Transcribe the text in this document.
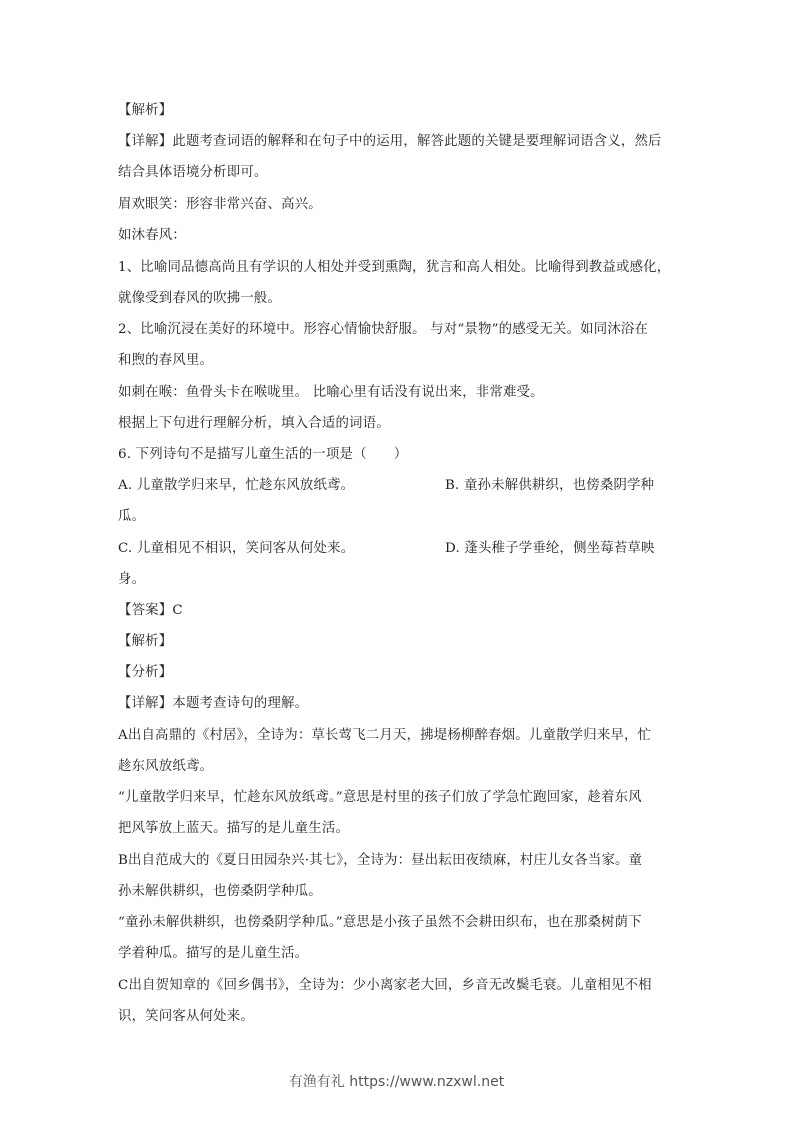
【解析】
【详解】此题考查词语的解释和在句子中的运用，解答此题的关键是要理解词语含义，然后
结合具体语境分析即可。
眉欢眼笑：形容非常兴奋、高兴。
如沐春风：
1、比喻同品德高尚且有学识的人相处并受到熏陶，犹言和高人相处。比喻得到教益或感化，
就像受到春风的吹拂一般。
2、比喻沉浸在美好的环境中。形容心情愉快舒服。 与对“景物”的感受无关。如同沐浴在
和煦的春风里。
如刺在喉：鱼骨头卡在喉咙里。 比喻心里有话没有说出来，非常难受。
根据上下句进行理解分析，填入合适的词语。
6. 下列诗句不是描写儿童生活的一项是（　　）
A. 儿童散学归来早，忙趁东风放纸鸢。	B. 童孙未解供耕织，也傍桑阴学种
瓜。
C. 儿童相见不相识，笑问客从何处来。	D. 蓬头稚子学垂纶，侧坐莓苔草映
身。
【答案】C
【解析】
【分析】
【详解】本题考查诗句的理解。
A出自高鼎的《村居》，全诗为：草长莺飞二月天，拂堤杨柳醉春烟。儿童散学归来早，忙
趁东风放纸鸢。
“儿童散学归来早，忙趁东风放纸鸢。”意思是村里的孩子们放了学急忙跑回家，趁着东风
把风筝放上蓝天。描写的是儿童生活。
B出自范成大的《夏日田园杂兴·其七》，全诗为：昼出耘田夜绩麻，村庄儿女各当家。童
孙未解供耕织，也傍桑阴学种瓜。
“童孙未解供耕织，也傍桑阴学种瓜。”意思是小孩子虽然不会耕田织布，也在那桑树荫下
学着种瓜。描写的是儿童生活。
C出自贺知章的《回乡偶书》，全诗为：少小离家老大回，乡音无改鬓毛衰。儿童相见不相
识，笑问客从何处来。
有渔有礼 https://www.nzxwl.net
